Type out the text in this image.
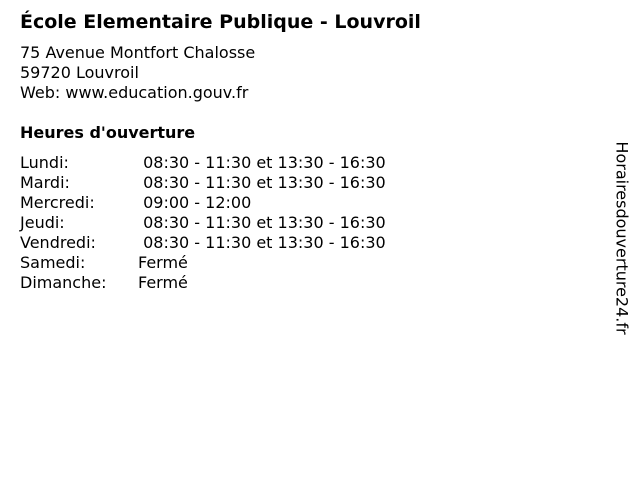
École Elementaire Publique - Louvroil
75 Avenue Montfort Chalosse
59720 Louvroil
Web: www.education.gouv.fr
Heures d'ouverture
Lundi:	08:30 - 11:30 et 13:30 - 16:30
Mardi:	08:30 - 11:30 et 13:30 - 16:30
Mercredi:	09:00 - 12:00
Jeudi:	08:30 - 11:30 et 13:30 - 16:30
Vendredi:	08:30 - 11:30 et 13:30 - 16:30
Samedi:	Fermé
Dimanche:	Fermé	Horairesdouverture24.fr
